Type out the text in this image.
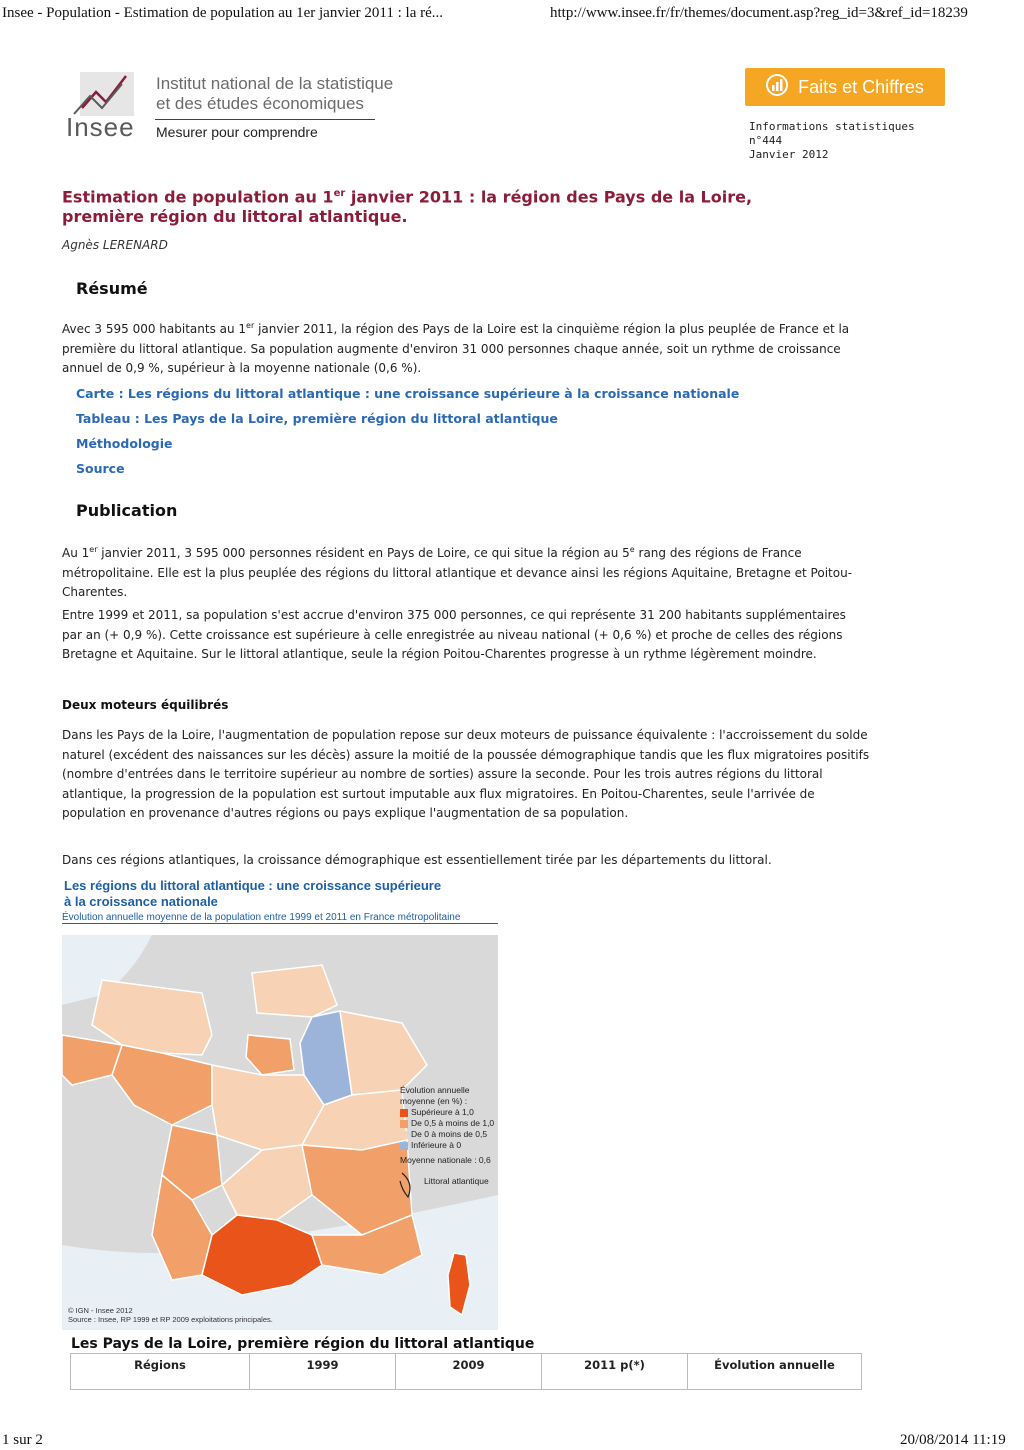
Insee - Population - Estimation de population au 1er janvier 2011 : la ré...	http://www.insee.fr/fr/themes/document.asp?reg_id=3&ref_id=18239
Insee
Institut national de la statistique
et des études économiques
Mesurer pour comprendre
Faits et Chiffres
Informations statistiques
n°444
Janvier 2012
Estimation de population au 1er janvier 2011 : la région des Pays de la Loire,
première région du littoral atlantique.
Agnès LERENARD
Résumé
Avec 3 595 000 habitants au 1er janvier 2011, la région des Pays de la Loire est la cinquième région la plus peuplée de France et la première du littoral atlantique. Sa population augmente d'environ 31 000 personnes chaque année, soit un rythme de croissance annuel de 0,9 %, supérieur à la moyenne nationale (0,6 %).
Carte : Les régions du littoral atlantique : une croissance supérieure à la croissance nationale
Tableau : Les Pays de la Loire, première région du littoral atlantique
Méthodologie
Source
Publication
Au 1er janvier 2011, 3 595 000 personnes résident en Pays de Loire, ce qui situe la région au 5e rang des régions de France métropolitaine. Elle est la plus peuplée des régions du littoral atlantique et devance ainsi les régions Aquitaine, Bretagne et Poitou-Charentes.
Entre 1999 et 2011, sa population s'est accrue d'environ 375 000 personnes, ce qui représente 31 200 habitants supplémentaires par an (+ 0,9 %). Cette croissance est supérieure à celle enregistrée au niveau national (+ 0,6 %) et proche de celles des régions Bretagne et Aquitaine. Sur le littoral atlantique, seule la région Poitou-Charentes progresse à un rythme légèrement moindre.
Deux moteurs équilibrés
Dans les Pays de la Loire, l'augmentation de population repose sur deux moteurs de puissance équivalente : l'accroissement du solde naturel (excédent des naissances sur les décès) assure la moitié de la poussée démographique tandis que les flux migratoires positifs (nombre d'entrées dans le territoire supérieur au nombre de sorties) assure la seconde. Pour les trois autres régions du littoral atlantique, la progression de la population est surtout imputable aux flux migratoires. En Poitou-Charentes, seule l'arrivée de population en provenance d'autres régions ou pays explique l'augmentation de sa population.
Dans ces régions atlantiques, la croissance démographique est essentiellement tirée par les départements du littoral.
Les régions du littoral atlantique : une croissance supérieure
à la croissance nationale
Évolution annuelle moyenne de la population entre 1999 et 2011 en France métropolitaine
Évolution annuelle
moyenne (en %) :
Supérieure à 1,0
De 0,5 à moins de 1,0
De 0 à moins de 0,5
Inférieure à 0
Moyenne nationale : 0,6
Littoral atlantique
© IGN - Insee 2012
Source : Insee, RP 1999 et RP 2009 exploitations principales.
Les Pays de la Loire, première région du littoral atlantique
Régions	1999	2009	2011 p(*)	Évolution annuelle
1 sur 2	20/08/2014 11:19
